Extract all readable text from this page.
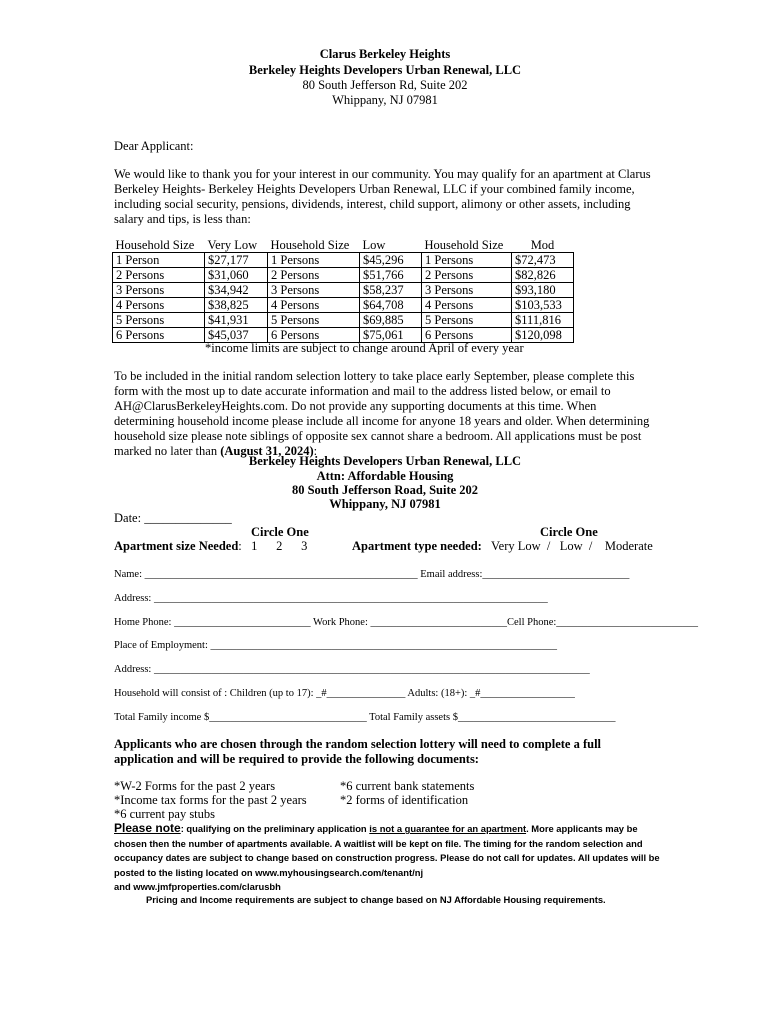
Clarus Berkeley Heights
Berkeley Heights Developers Urban Renewal, LLC
80 South Jefferson Rd, Suite 202
Whippany, NJ 07981
Dear Applicant:
We would like to thank you for your interest in our community. You may qualify for an apartment at Clarus Berkeley Heights- Berkeley Heights Developers Urban Renewal, LLC if your combined family income, including social security, pensions, dividends, interest, child support, alimony or other assets, including salary and tips, is less than:
Household Size	Very Low	Household Size	Low	Household Size	Mod
1 Person	$27,177	1 Persons	$45,296	1 Persons	$72,473
2 Persons	$31,060	2 Persons	$51,766	2 Persons	$82,826
3 Persons	$34,942	3 Persons	$58,237	3 Persons	$93,180
4 Persons	$38,825	4 Persons	$64,708	4 Persons	$103,533
5 Persons	$41,931	5 Persons	$69,885	5 Persons	$111,816
6 Persons	$45,037	6 Persons	$75,061	6 Persons	$120,098
*income limits are subject to change around April of every year
To be included in the initial random selection lottery to take place early September, please complete this form with the most up to date accurate information and mail to the address listed below, or email to AH@ClarusBerkeleyHeights.com. Do not provide any supporting documents at this time. When determining household income please include all income for anyone 18 years and older. When determining household size please note siblings of opposite sex cannot share a bedroom. All applications must be post marked no later than (August 31, 2024):
Berkeley Heights Developers Urban Renewal, LLC
Attn: Affordable Housing
80 South Jefferson Road, Suite 202
Whippany, NJ 07981
Date: ______________
Circle One	Circle One
Apartment size Needed: 1      2      3	Apartment type needed: Very Low  /   Low  /    Moderate
Name: ____________________________________________________ Email address:____________________________
Address: ___________________________________________________________________________
Home Phone: __________________________ Work Phone: __________________________Cell Phone:___________________________
Place of Employment: __________________________________________________________________
Address: ___________________________________________________________________________________
Household will consist of : Children (up to 17): _#_______________ Adults: (18+): _#__________________
Total Family income $______________________________ Total Family assets $______________________________
Applicants who are chosen through the random selection lottery will need to complete a full application and will be required to provide the following documents:
*W-2 Forms for the past 2 years
*Income tax forms for the past 2 years
*6 current pay stubs
*6 current bank statements
*2 forms of identification
Please note: qualifying on the preliminary application is not a guarantee for an apartment. More applicants may be chosen then the number of apartments available. A waitlist will be kept on file. The timing for the random selection and occupancy dates are subject to change based on construction progress. Please do not call for updates. All updates will be posted to the listing located on www.myhousingsearch.com/tenant/nj
and www.jmfproperties.com/clarusbh
Pricing and Income requirements are subject to change based on NJ Affordable Housing requirements.
